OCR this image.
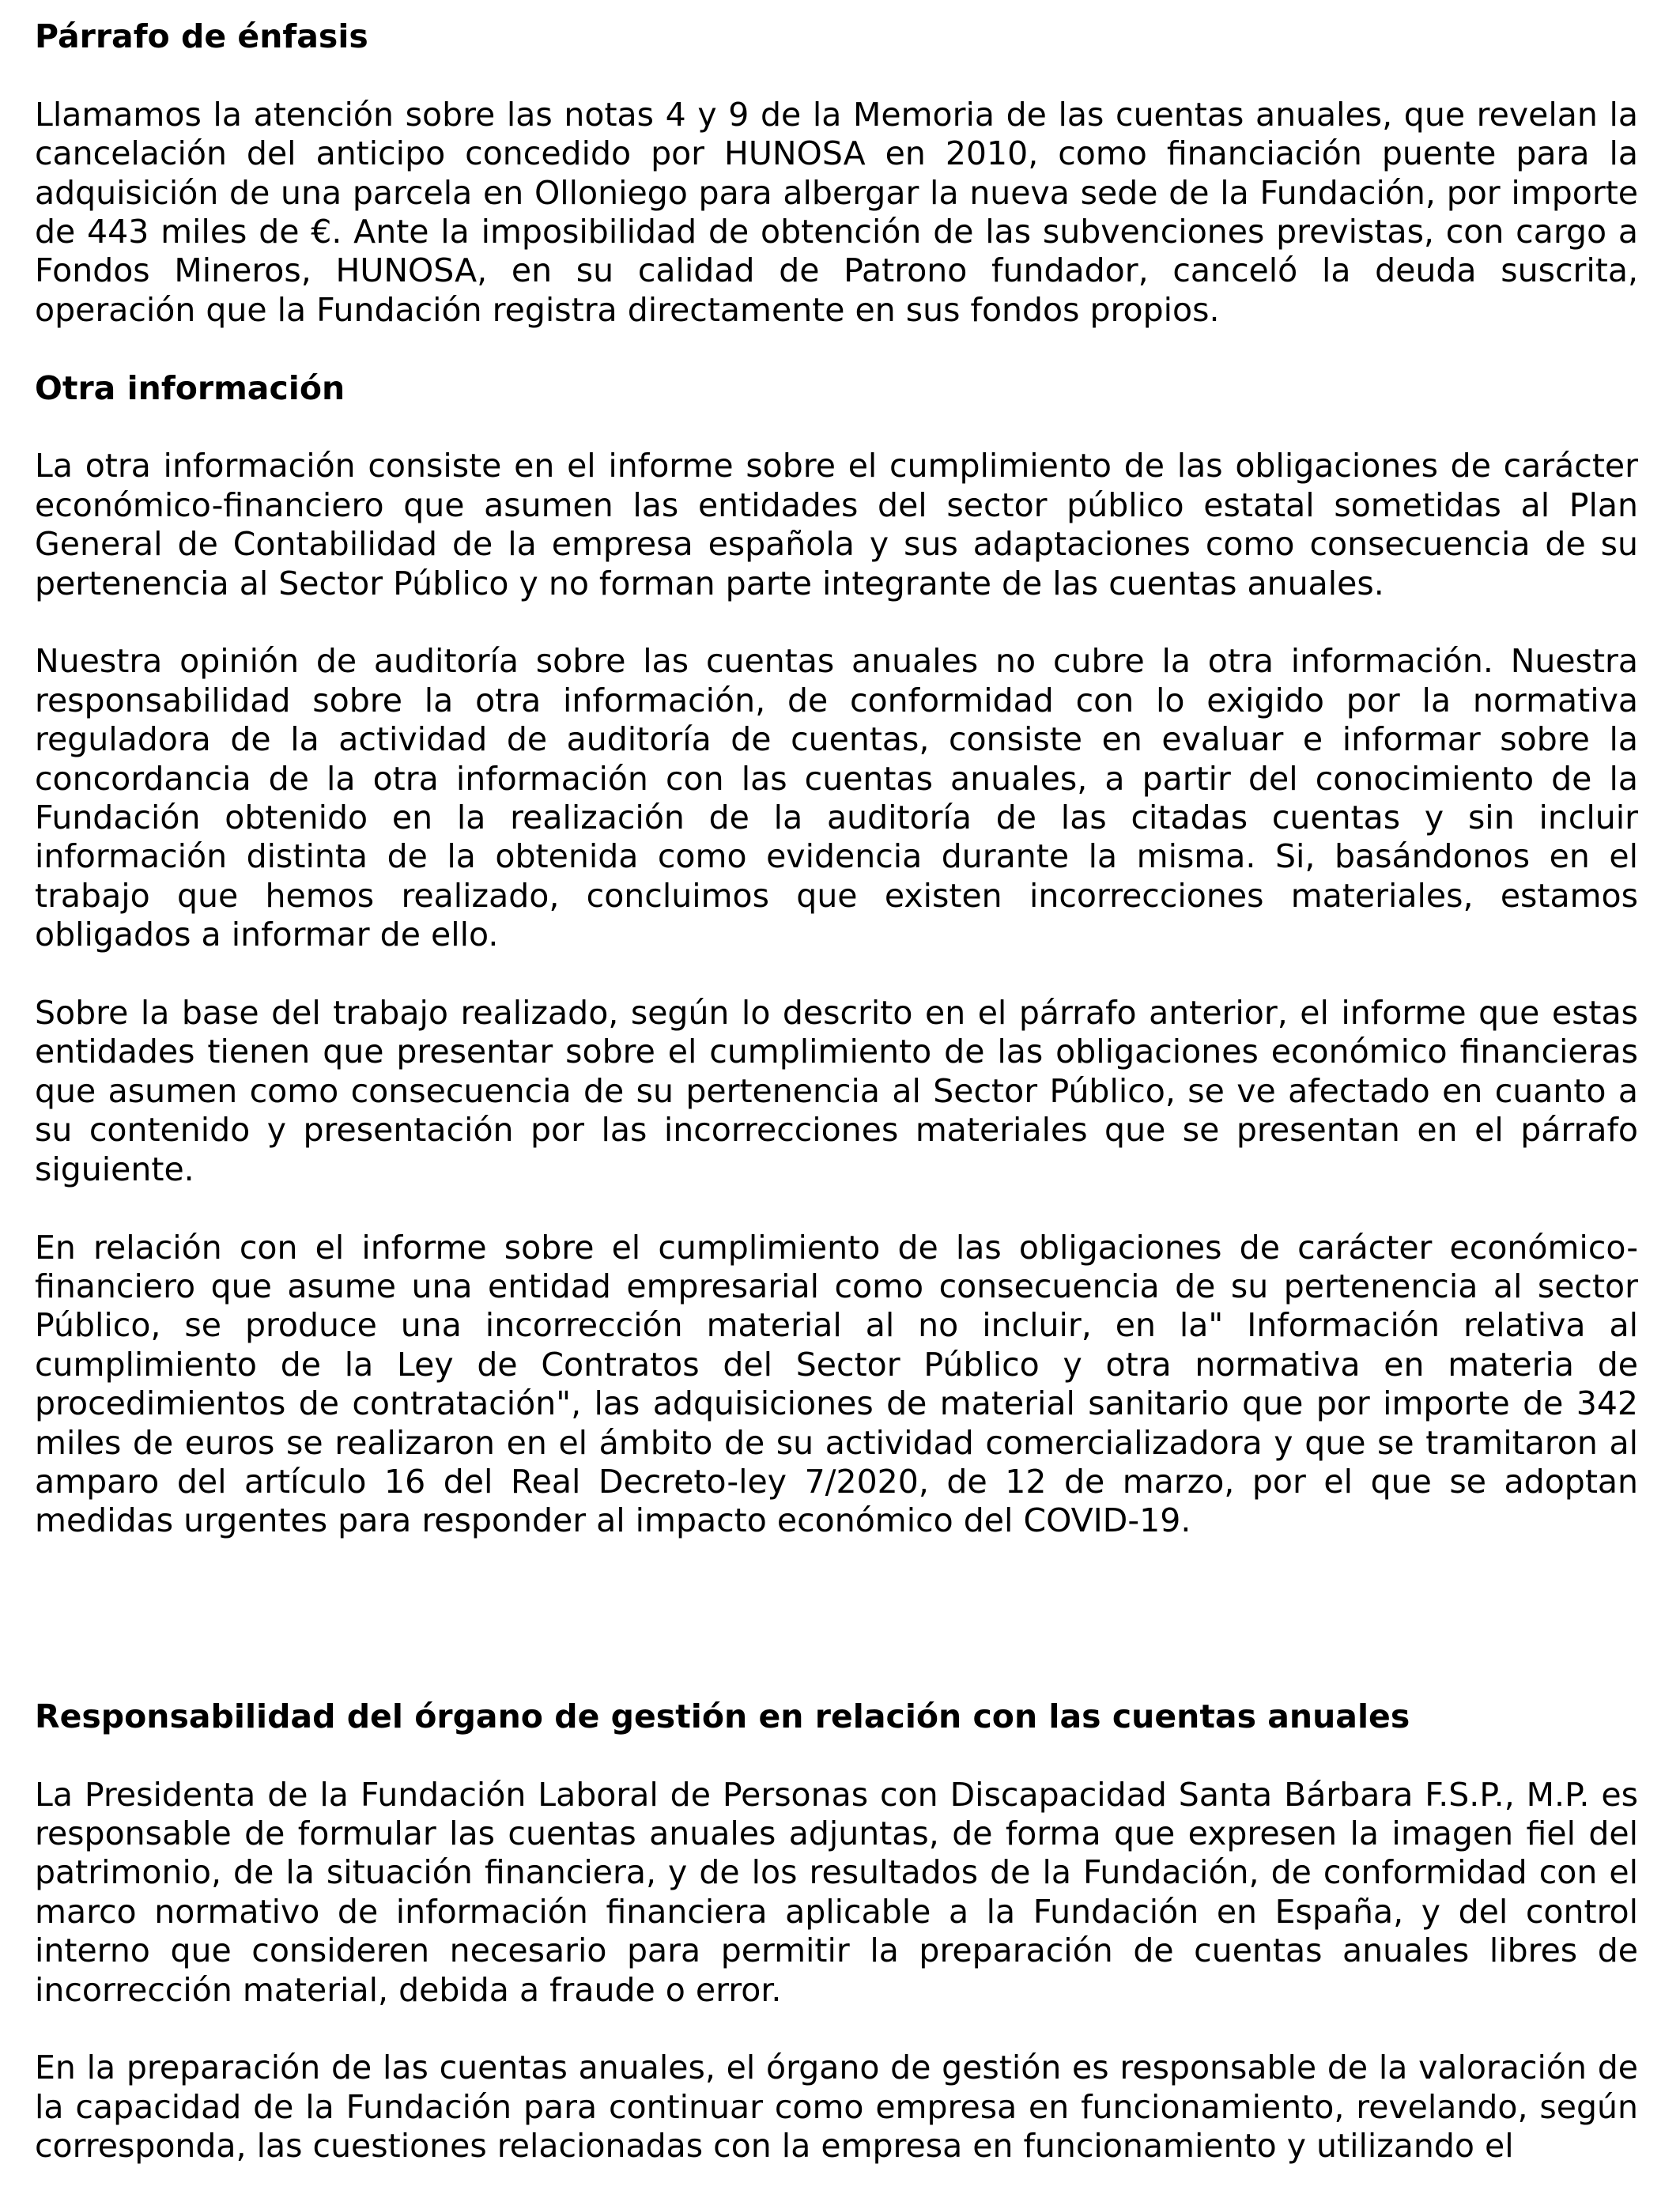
Párrafo de énfasis

Llamamos la atención sobre las notas 4 y 9 de la Memoria de las cuentas anuales, que revelan la cancelación del anticipo concedido por HUNOSA en 2010, como financiación puente para la adquisición de una parcela en Olloniego para albergar la nueva sede de la Fundación, por importe de 443 miles de €. Ante la imposibilidad de obtención de las subvenciones previstas, con cargo a Fondos Mineros, HUNOSA, en su calidad de Patrono fundador, canceló la deuda suscrita, operación que la Fundación registra directamente en sus fondos propios.

Otra información

La otra información consiste en el informe sobre el cumplimiento de las obligaciones de carácter económico-financiero que asumen las entidades del sector público estatal sometidas al Plan General de Contabilidad de la empresa española y sus adaptaciones como consecuencia de su pertenencia al Sector Público y no forman parte integrante de las cuentas anuales.

Nuestra opinión de auditoría sobre las cuentas anuales no cubre la otra información. Nuestra responsabilidad sobre la otra información, de conformidad con lo exigido por la normativa reguladora de la actividad de auditoría de cuentas, consiste en evaluar e informar sobre la concordancia de la otra información con las cuentas anuales, a partir del conocimiento de la Fundación obtenido en la realización de la auditoría de las citadas cuentas y sin incluir información distinta de la obtenida como evidencia durante la misma. Si, basándonos en el trabajo que hemos realizado, concluimos que existen incorrecciones materiales, estamos obligados a informar de ello.

Sobre la base del trabajo realizado, según lo descrito en el párrafo anterior, el informe que estas entidades tienen que presentar sobre el cumplimiento de las obligaciones económico financieras que asumen como consecuencia de su pertenencia al Sector Público, se ve afectado en cuanto a su contenido y presentación por las incorrecciones materiales que se presentan en el párrafo siguiente.

En relación con el informe sobre el cumplimiento de las obligaciones de carácter económico-financiero que asume una entidad empresarial como consecuencia de su pertenencia al sector Público, se produce una incorrección material al no incluir, en la" Información relativa al cumplimiento de la Ley de Contratos del Sector Público y otra normativa en materia de procedimientos de contratación", las adquisiciones de material sanitario que por importe de 342 miles de euros se realizaron en el ámbito de su actividad comercializadora y que se tramitaron al amparo del artículo 16 del Real Decreto-ley 7/2020, de 12 de marzo, por el que se adoptan medidas urgentes para responder al impacto económico del COVID-19.

Responsabilidad del órgano de gestión en relación con las cuentas anuales

La Presidenta de la Fundación Laboral de Personas con Discapacidad Santa Bárbara F.S.P., M.P. es responsable de formular las cuentas anuales adjuntas, de forma que expresen la imagen fiel del patrimonio, de la situación financiera, y de los resultados de la Fundación, de conformidad con el marco normativo de información financiera aplicable a la Fundación en España, y del control interno que consideren necesario para permitir la preparación de cuentas anuales libres de incorrección material, debida a fraude o error.

En la preparación de las cuentas anuales, el órgano de gestión es responsable de la valoración de la capacidad de la Fundación para continuar como empresa en funcionamiento, revelando, según corresponda, las cuestiones relacionadas con la empresa en funcionamiento y utilizando el
